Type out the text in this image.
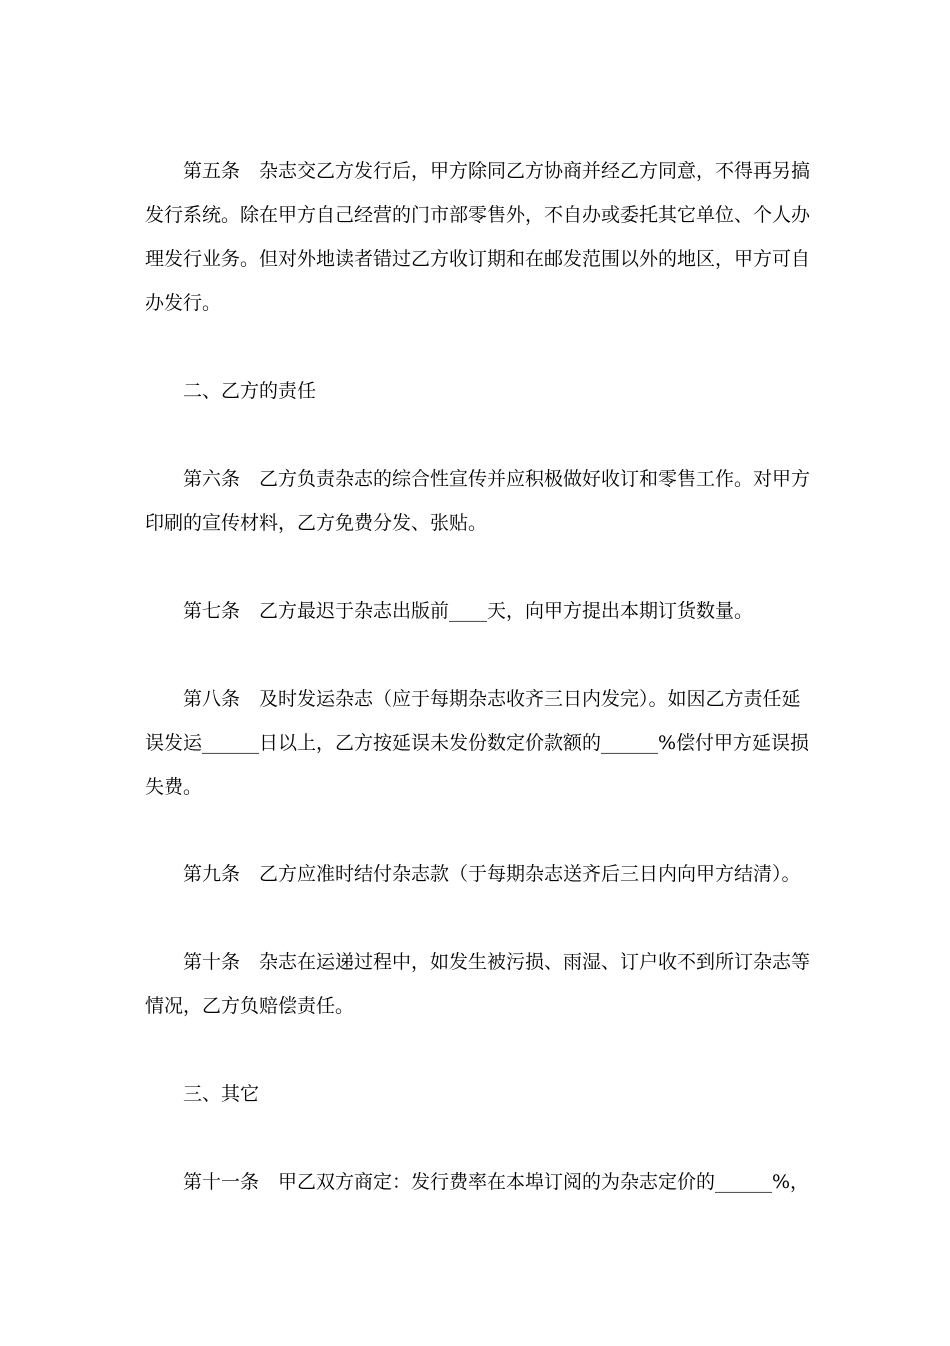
第五条　杂志交乙方发行后，甲方除同乙方协商并经乙方同意，不得再另搞发行系统。除在甲方自己经营的门市部零售外，不自办或委托其它单位、个人办理发行业务。但对外地读者错过乙方收订期和在邮发范围以外的地区，甲方可自办发行。

二、乙方的责任

第六条　乙方负责杂志的综合性宣传并应积极做好收订和零售工作。对甲方印刷的宣传材料，乙方免费分发、张贴。

第七条　乙方最迟于杂志出版前____天，向甲方提出本期订货数量。

第八条　及时发运杂志（应于每期杂志收齐三日内发完）。如因乙方责任延误发运______日以上，乙方按延误未发份数定价款额的______%偿付甲方延误损失费。

第九条　乙方应准时结付杂志款（于每期杂志送齐后三日内向甲方结清）。

第十条　杂志在运递过程中，如发生被污损、雨湿、订户收不到所订杂志等情况，乙方负赔偿责任。

三、其它

第十一条　甲乙双方商定：发行费率在本埠订阅的为杂志定价的______%，
